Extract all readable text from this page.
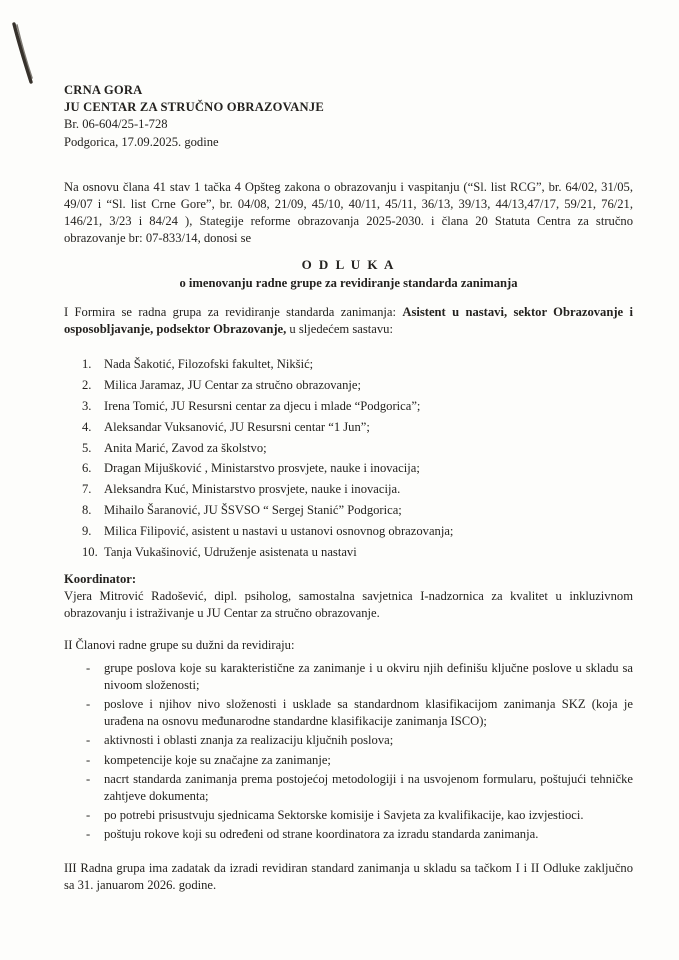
CRNA GORA
JU CENTAR ZA STRUČNO OBRAZOVANJE
Br. 06-604/25-1-728
Podgorica, 17.09.2025. godine

Na osnovu člana 41 stav 1 tačka 4 Opšteg zakona o obrazovanju i vaspitanju (“Sl. list RCG”, br. 64/02, 31/05, 49/07 i “Sl. list Crne Gore”, br. 04/08, 21/09, 45/10, 40/11, 45/11, 36/13, 39/13, 44/13,47/17, 59/21, 76/21, 146/21, 3/23 i 84/24 ), Stategije reforme obrazovanja 2025-2030. i člana 20 Statuta Centra za stručno obrazovanje br: 07-833/14, donosi se

O D L U K A
o imenovanju radne grupe za revidiranje standarda zanimanja

I Formira se radna grupa za revidiranje standarda zanimanja: Asistent u nastavi, sektor Obrazovanje i osposobljavanje, podsektor Obrazovanje, u sljedećem sastavu:

Nada Šakotić, Filozofski fakultet, Nikšić;
Milica Jaramaz, JU Centar za stručno obrazovanje;
Irena Tomić, JU Resursni centar za djecu i mlade “Podgorica”;
Aleksandar Vuksanović, JU Resursni centar “1 Jun”;
Anita Marić, Zavod za školstvo;
Dragan Mijušković , Ministarstvo prosvjete, nauke i inovacija;
Aleksandra Kuć, Ministarstvo prosvjete, nauke i inovacija.
Mihailo Šaranović, JU ŠSVSO “ Sergej Stanić” Podgorica;
Milica Filipović, asistent u nastavi u ustanovi osnovnog obrazovanja;
Tanja Vukašinović, Udruženje asistenata u nastavi
Koordinator:

Vjera Mitrović Radošević, dipl. psiholog, samostalna savjetnica I-nadzornica za kvalitet u inkluzivnom obrazovanju i istraživanje u JU Centar za stručno obrazovanje.

II Članovi radne grupe su dužni da revidiraju:

- grupe poslova koje su karakteristične za zanimanje i u okviru njih definišu ključne poslove u skladu sa nivoom složenosti;
- poslove i njihov nivo složenosti i usklade sa standardnom klasifikacijom zanimanja SKZ (koja je urađena na osnovu međunarodne standardne klasifikacije zanimanja ISCO);
- aktivnosti i oblasti znanja za realizaciju ključnih poslova;
- kompetencije koje su značajne za zanimanje;
- nacrt standarda zanimanja prema postojećoj metodologiji i na usvojenom formularu, poštujući tehničke zahtjeve dokumenta;
- po potrebi prisustvuju sjednicama Sektorske komisije i Savjeta za kvalifikacije, kao izvjestioci.
- poštuju rokove koji su određeni od strane koordinatora za izradu standarda zanimanja.

III Radna grupa ima zadatak da izradi revidiran standard zanimanja u skladu sa tačkom I i II Odluke zaključno sa 31. januarom 2026. godine.
